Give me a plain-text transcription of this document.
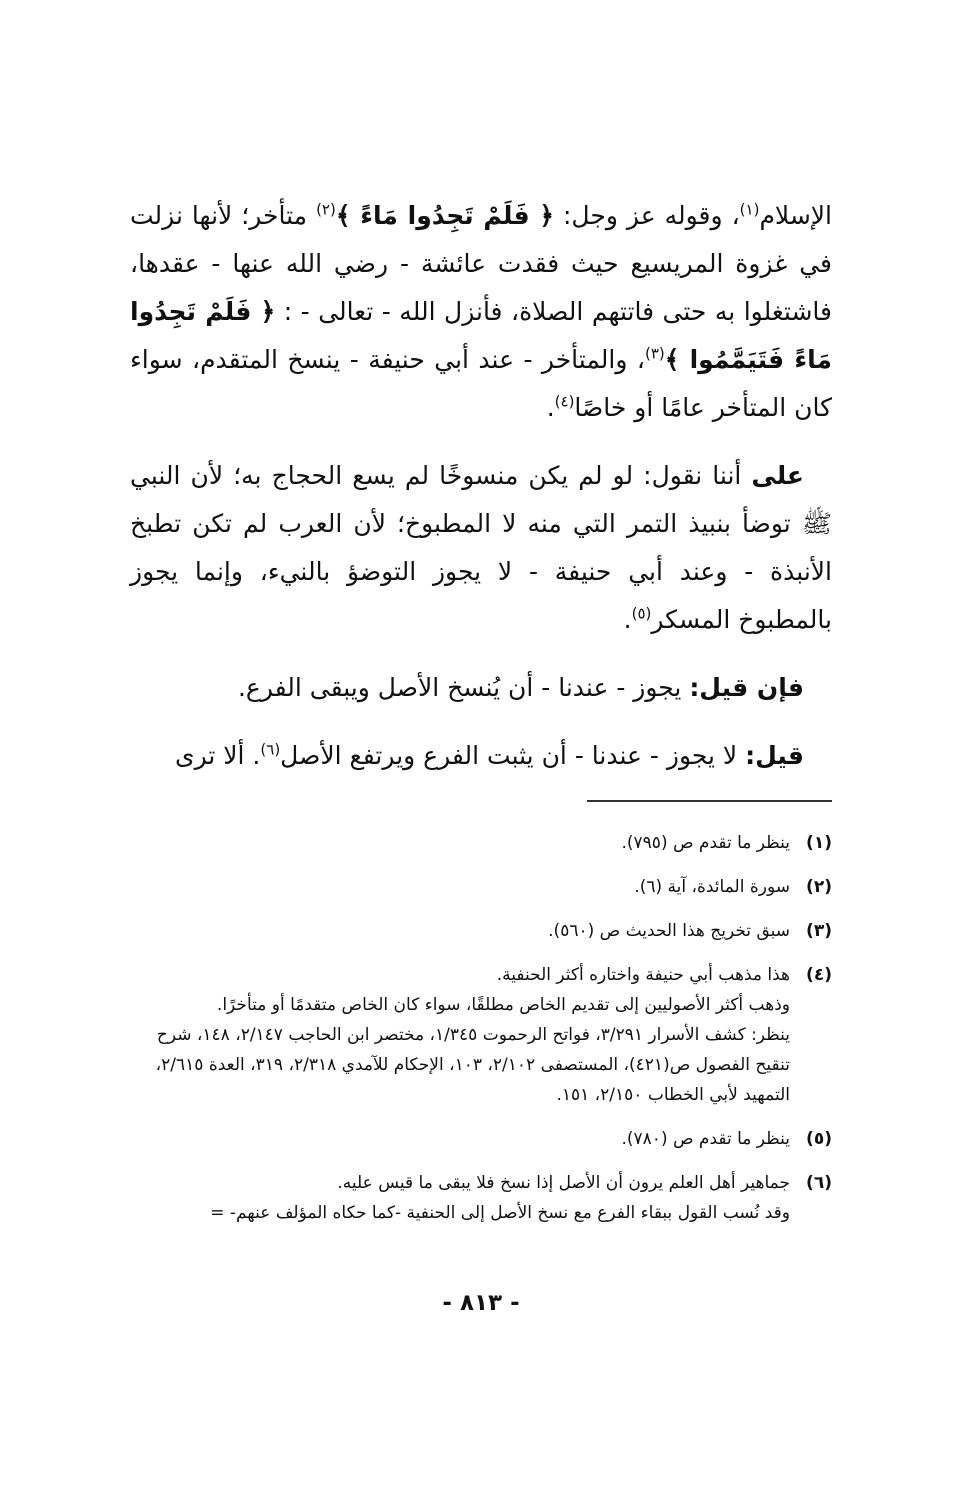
الإسلام$^{(١)}$، وقوله عز وجل: ﴿ فَلَمْ تَجِدُوا مَاءً ﴾$^{(٢)}$ متأخر؛ لأنها نزلت في غزوة المريسيع حيث فقدت عائشة - رضي الله عنها - عقدها، فاشتغلوا به حتى فاتتهم الصلاة، فأنزل الله - تعالى - : ﴿ فَلَمْ تَجِدُوا مَاءً فَتَيَمَّمُوا ﴾$^{(٣)}$، والمتأخر - عند أبي حنيفة - ينسخ المتقدم، سواء كان المتأخر عامًا أو خاصًا$^{(٤)}$.

على أننا نقول: لو لم يكن منسوخًا لم يسع الحجاج به؛ لأن النبي ﷺ توضأ بنبيذ التمر التي منه لا المطبوخ؛ لأن العرب لم تكن تطبخ الأنبذة - وعند أبي حنيفة - لا يجوز التوضؤ بالنيء، وإنما يجوز بالمطبوخ المسكر$^{(٥)}$.

فإن قيل: يجوز - عندنا - أن يُنسخ الأصل ويبقى الفرع.

قيل: لا يجوز - عندنا - أن يثبت الفرع ويرتفع الأصل$^{(٦)}$. ألا ترى

(١)
ينظر ما تقدم ص (٧٩٥).
(٢)
سورة المائدة، آية (٦).
(٣)
سبق تخريج هذا الحديث ص (٥٦٠).
(٤)
هذا مذهب أبي حنيفة واختاره أكثر الحنفية.
وذهب أكثر الأصوليين إلى تقديم الخاص مطلقًا، سواء كان الخاص متقدمًا أو متأخرًا.
ينظر: كشف الأسرار ٣/٢٩١، فواتح الرحموت ١/٣٤٥، مختصر ابن الحاجب ٢/١٤٧، ١٤٨، شرح تنقيح الفصول ص(٤٢١)، المستصفى ٢/١٠٢، ١٠٣، الإحكام للآمدي ٢/٣١٨، ٣١٩، العدة ٢/٦١٥، التمهيد لأبي الخطاب ٢/١٥٠، ١٥١.
(٥)
ينظر ما تقدم ص (٧٨٠).
(٦)
جماهير أهل العلم يرون أن الأصل إذا نسخ فلا يبقى ما قيس عليه.
وقد نُسب القول ببقاء الفرع مع نسخ الأصل إلى الحنفية -كما حكاه المؤلف عنهم- =
- ٨١٣ -
